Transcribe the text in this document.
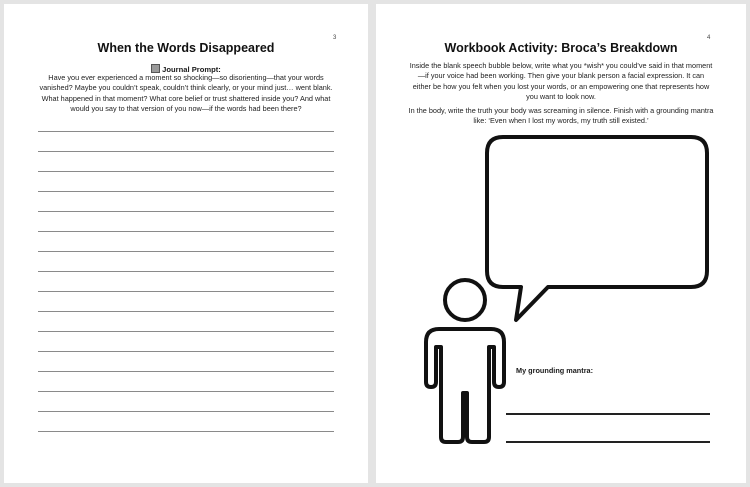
3
When the Words Disappeared
Journal Prompt:
Have you ever experienced a moment so shocking—so disorienting—that your words vanished? Maybe you couldn’t speak, couldn’t think clearly, or your mind just… went blank. What happened in that moment? What core belief or trust shattered inside you? And what would you say to that version of you now—if the words had been there?
4
Workbook Activity: Broca’s Breakdown
Inside the blank speech bubble below, write what you *wish* you could’ve said in that moment—if your voice had been working. Then give your blank person a facial expression. It can either be how you felt when you lost your words, or an empowering one that represents how you want to look now.
In the body, write the truth your body was screaming in silence. Finish with a grounding mantra like: ‘Even when I lost my words, my truth still existed.’
My grounding mantra:
